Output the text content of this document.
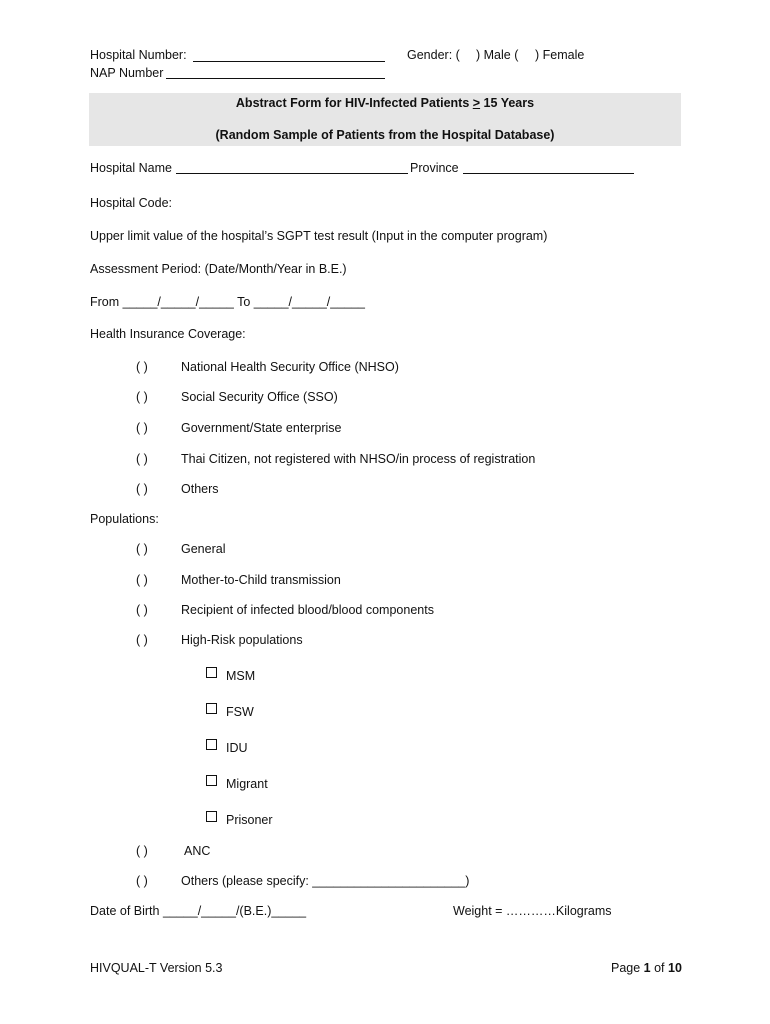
Hospital Number:	Gender: ( ) Male ( ) Female
NAP Number
Abstract Form for HIV-Infected Patients > 15 Years
(Random Sample of Patients from the Hospital Database)
Hospital Name	Province
Hospital Code:
Upper limit value of the hospital’s SGPT test result (Input in the computer program)
Assessment Period: (Date/Month/Year in B.E.)
From _____/_____/_____ To _____/_____/_____
Health Insurance Coverage:
( )	National Health Security Office (NHSO)
( )	Social Security Office (SSO)
( )	Government/State enterprise
( )	Thai Citizen, not registered with NHSO/in process of registration
( )	Others
Populations:
( )	General
( )	Mother-to-Child transmission
( )	Recipient of infected blood/blood components
( )	High-Risk populations
MSM
FSW
IDU
Migrant
Prisoner
( )	ANC
( )	Others (please specify: ______________________)
Date of Birth _____/_____/(B.E.)_____	Weight = …………Kilograms
HIVQUAL-T Version 5.3	Page 1 of 10
